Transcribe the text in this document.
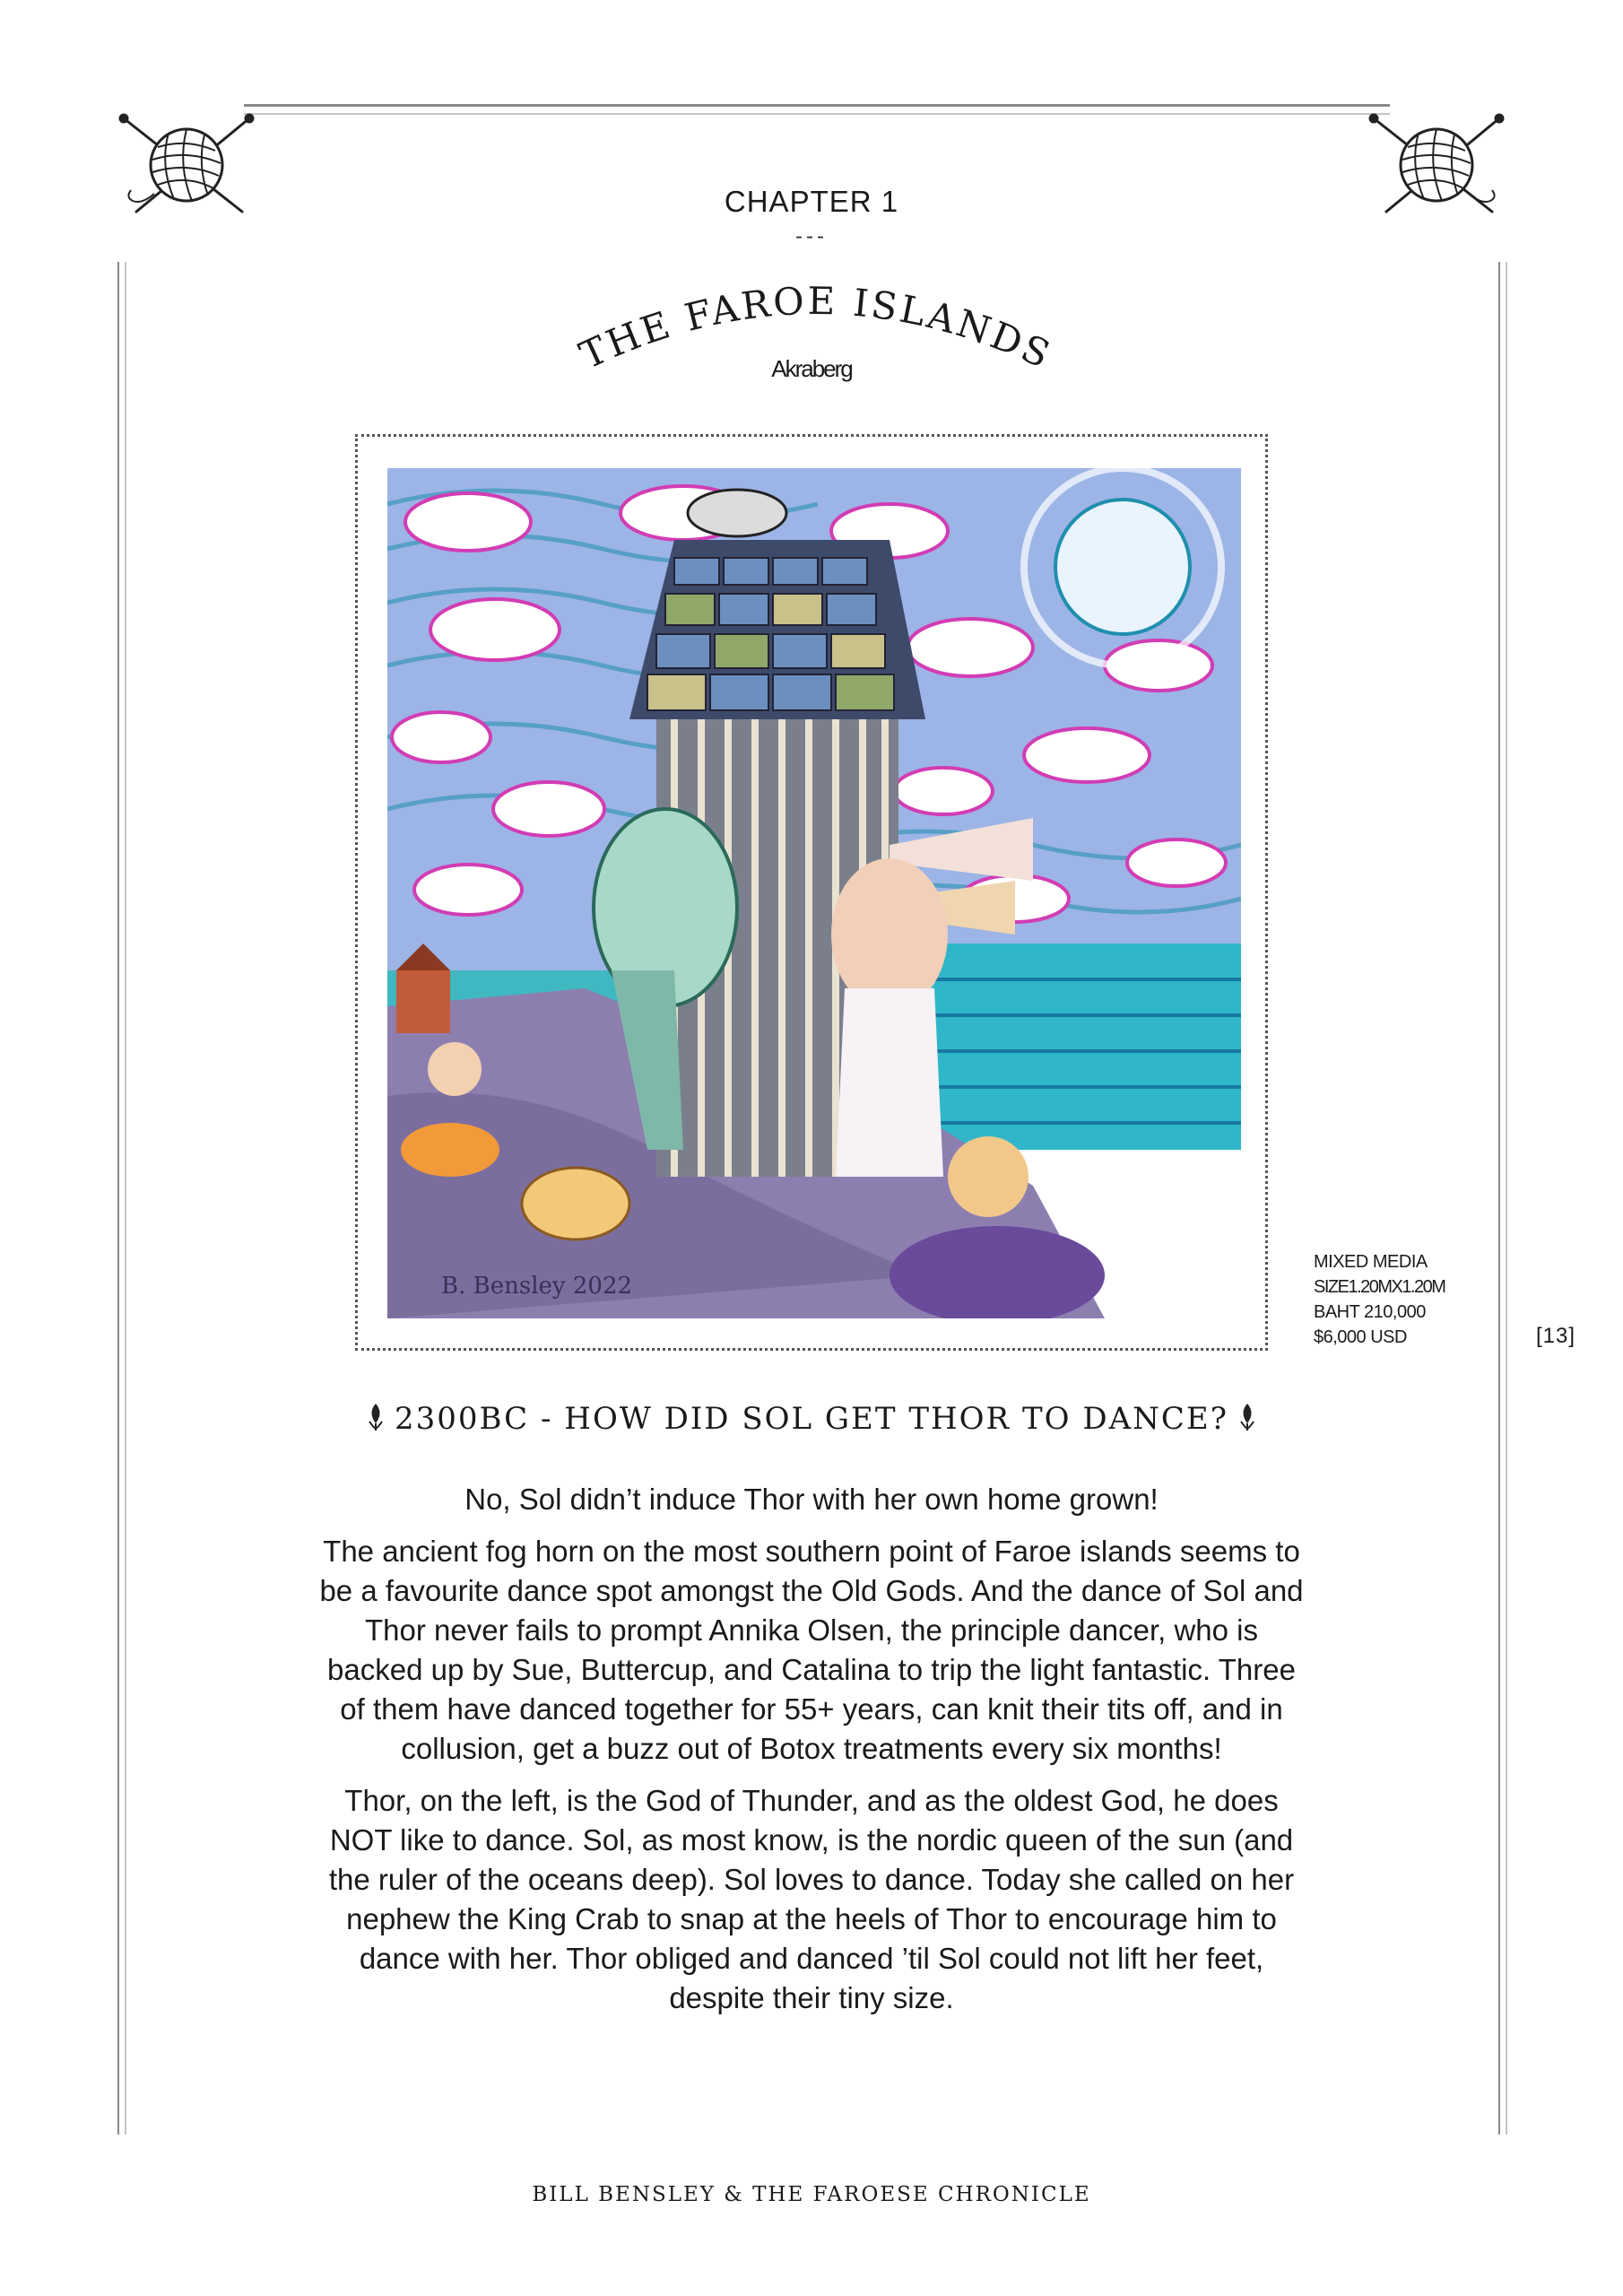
CHAPTER 1
---
THE FAROE ISLANDS
Akraberg
B. Bensley 2022
MIXED MEDIA
SIZE1.20MX1.20M
BAHT 210,000
$6,000 USD	[13]
2300BC - HOW DID SOL GET THOR TO DANCE?

No, Sol didn’t induce Thor with her own home grown!

The ancient fog horn on the most southern point of Faroe islands seems to be a favourite dance spot amongst the Old Gods. And the dance of Sol and Thor never fails to prompt Annika Olsen, the principle dancer, who is backed up by Sue, Buttercup, and Catalina to trip the light fantastic. Three of them have danced together for 55+ years, can knit their tits off, and in collusion, get a buzz out of Botox treatments every six months!

Thor, on the left, is the God of Thunder, and as the oldest God, he does NOT like to dance. Sol, as most know, is the nordic queen of the sun (and the ruler of the oceans deep). Sol loves to dance. Today she called on her nephew the King Crab to snap at the heels of Thor to encourage him to dance with her. Thor obliged and danced ’til Sol could not lift her feet, despite their tiny size.

BILL BENSLEY & THE FAROESE CHRONICLE
